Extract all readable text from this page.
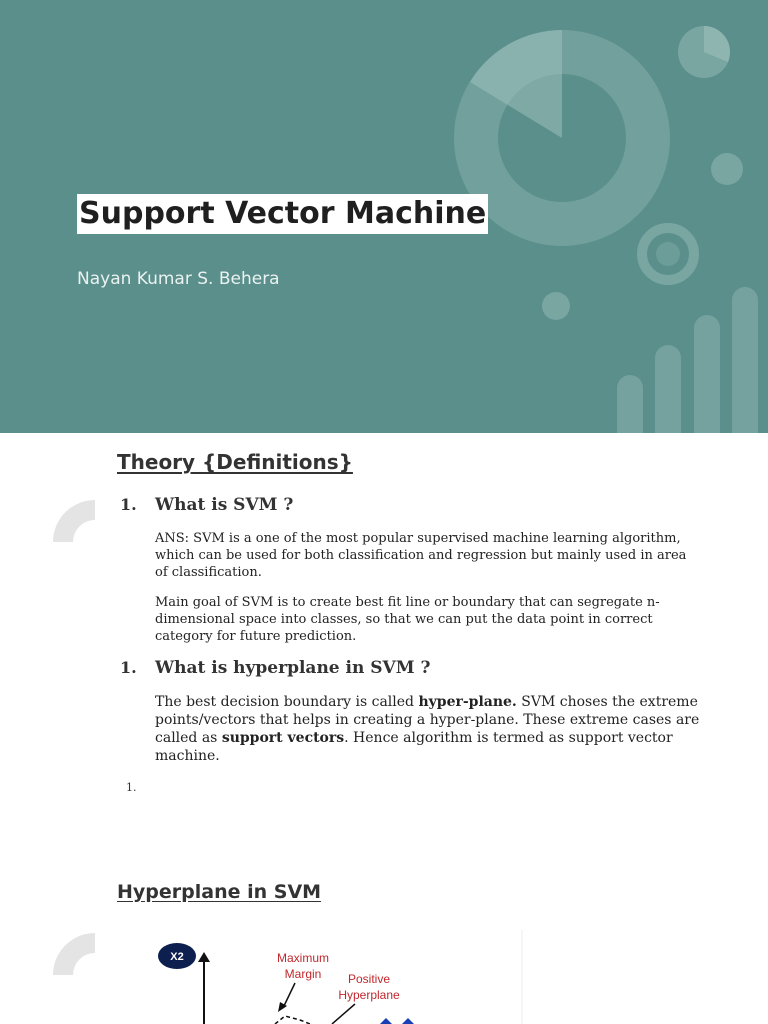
Support Vector Machine
Nayan Kumar S. Behera
Theory {Definitions}
1. What is SVM ?

ANS: SVM is a one of the most popular supervised machine learning algorithm, which can be used for both classification and regression but mainly used in area of classification.

Main goal of SVM is to create best fit line or boundary that can segregate n-dimensional space into classes, so that we can put the data point in correct category for future prediction.

1. What is hyperplane in SVM ?

The best decision boundary is called hyper-plane. SVM choses the extreme points/vectors that helps in creating a hyper-plane. These extreme cases are called as support vectors. Hence algorithm is termed as support vector machine.

1.
Hyperplane in SVM
X2	Maximum
Margin Positive
Hyperplane
